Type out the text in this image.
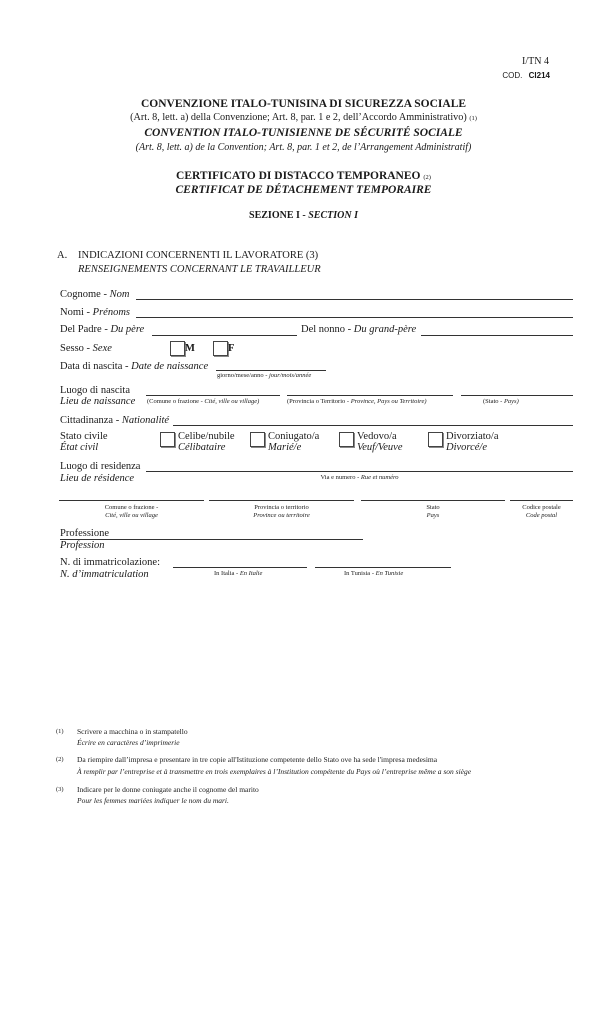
I/TN 4
COD. CI214
CONVENZIONE ITALO-TUNISINA DI SICUREZZA SOCIALE
(Art. 8, lett. a) della Convenzione; Art. 8, par. 1 e 2, dell’Accordo Amministrativo) (1)
CONVENTION ITALO-TUNISIENNE DE SÉCURITÉ SOCIALE
(Art. 8, lett. a) de la Convention; Art. 8, par. 1 et 2, de l’Arrangement Administratif)
CERTIFICATO DI DISTACCO TEMPORANEO (2)
CERTIFICAT DE DÉTACHEMENT TEMPORAIRE
SEZIONE I - SECTION I
A. INDICAZIONI CONCERNENTI IL LAVORATORE (3)
RENSEIGNEMENTS CONCERNANT LE TRAVAILLEUR
Cognome - Nom
Nomi - Prénoms
Del Padre - Du père	Del nonno - Du grand-père
Sesso - Sexe	M	F
Data di nascita - Date de naissance
giorno/mese/anno - jour/mois/année
Luogo di nascita
Lieu de naissance (Comune o frazione - Cité, ville ou village)	(Provincia o Territorio - Province, Pays ou Territoire)	(Stato - Pays)
Cittadinanza - Nationalité
Stato civile
État civil
Celibe/nubile
Célibataire
Coniugato/a
Marié/e
Vedovo/a
Veuf/Veuve
Divorziato/a
Divorcé/e
Luogo di residenza
Lieu de résidence	Via e numero - Rue et numéro
Comune o frazione -
Cité, ville ou village
Provincia o territorio
Province ou territoire
Stato
Pays
Codice postale
Code postal
Professione
Profession
N. di immatricolazione:
N. d’immatriculation	In Italia - En Italie	In Tunisia - En Tunisie
(1) Scrivere a macchina o in stampatello
Écrire en caractères d’imprimerie
(2) Da riempire dall’impresa e presentare in tre copie all'Istituzione competente dello Stato ove ha sede l'impresa medesima
À remplir par l’entreprise et à transmettre en trois exemplaires à l’Institution compétente du Pays où l’entreprise même a son siège
(3) Indicare per le donne coniugate anche il cognome del marito
Pour les femmes mariées indiquer le nom du mari.
